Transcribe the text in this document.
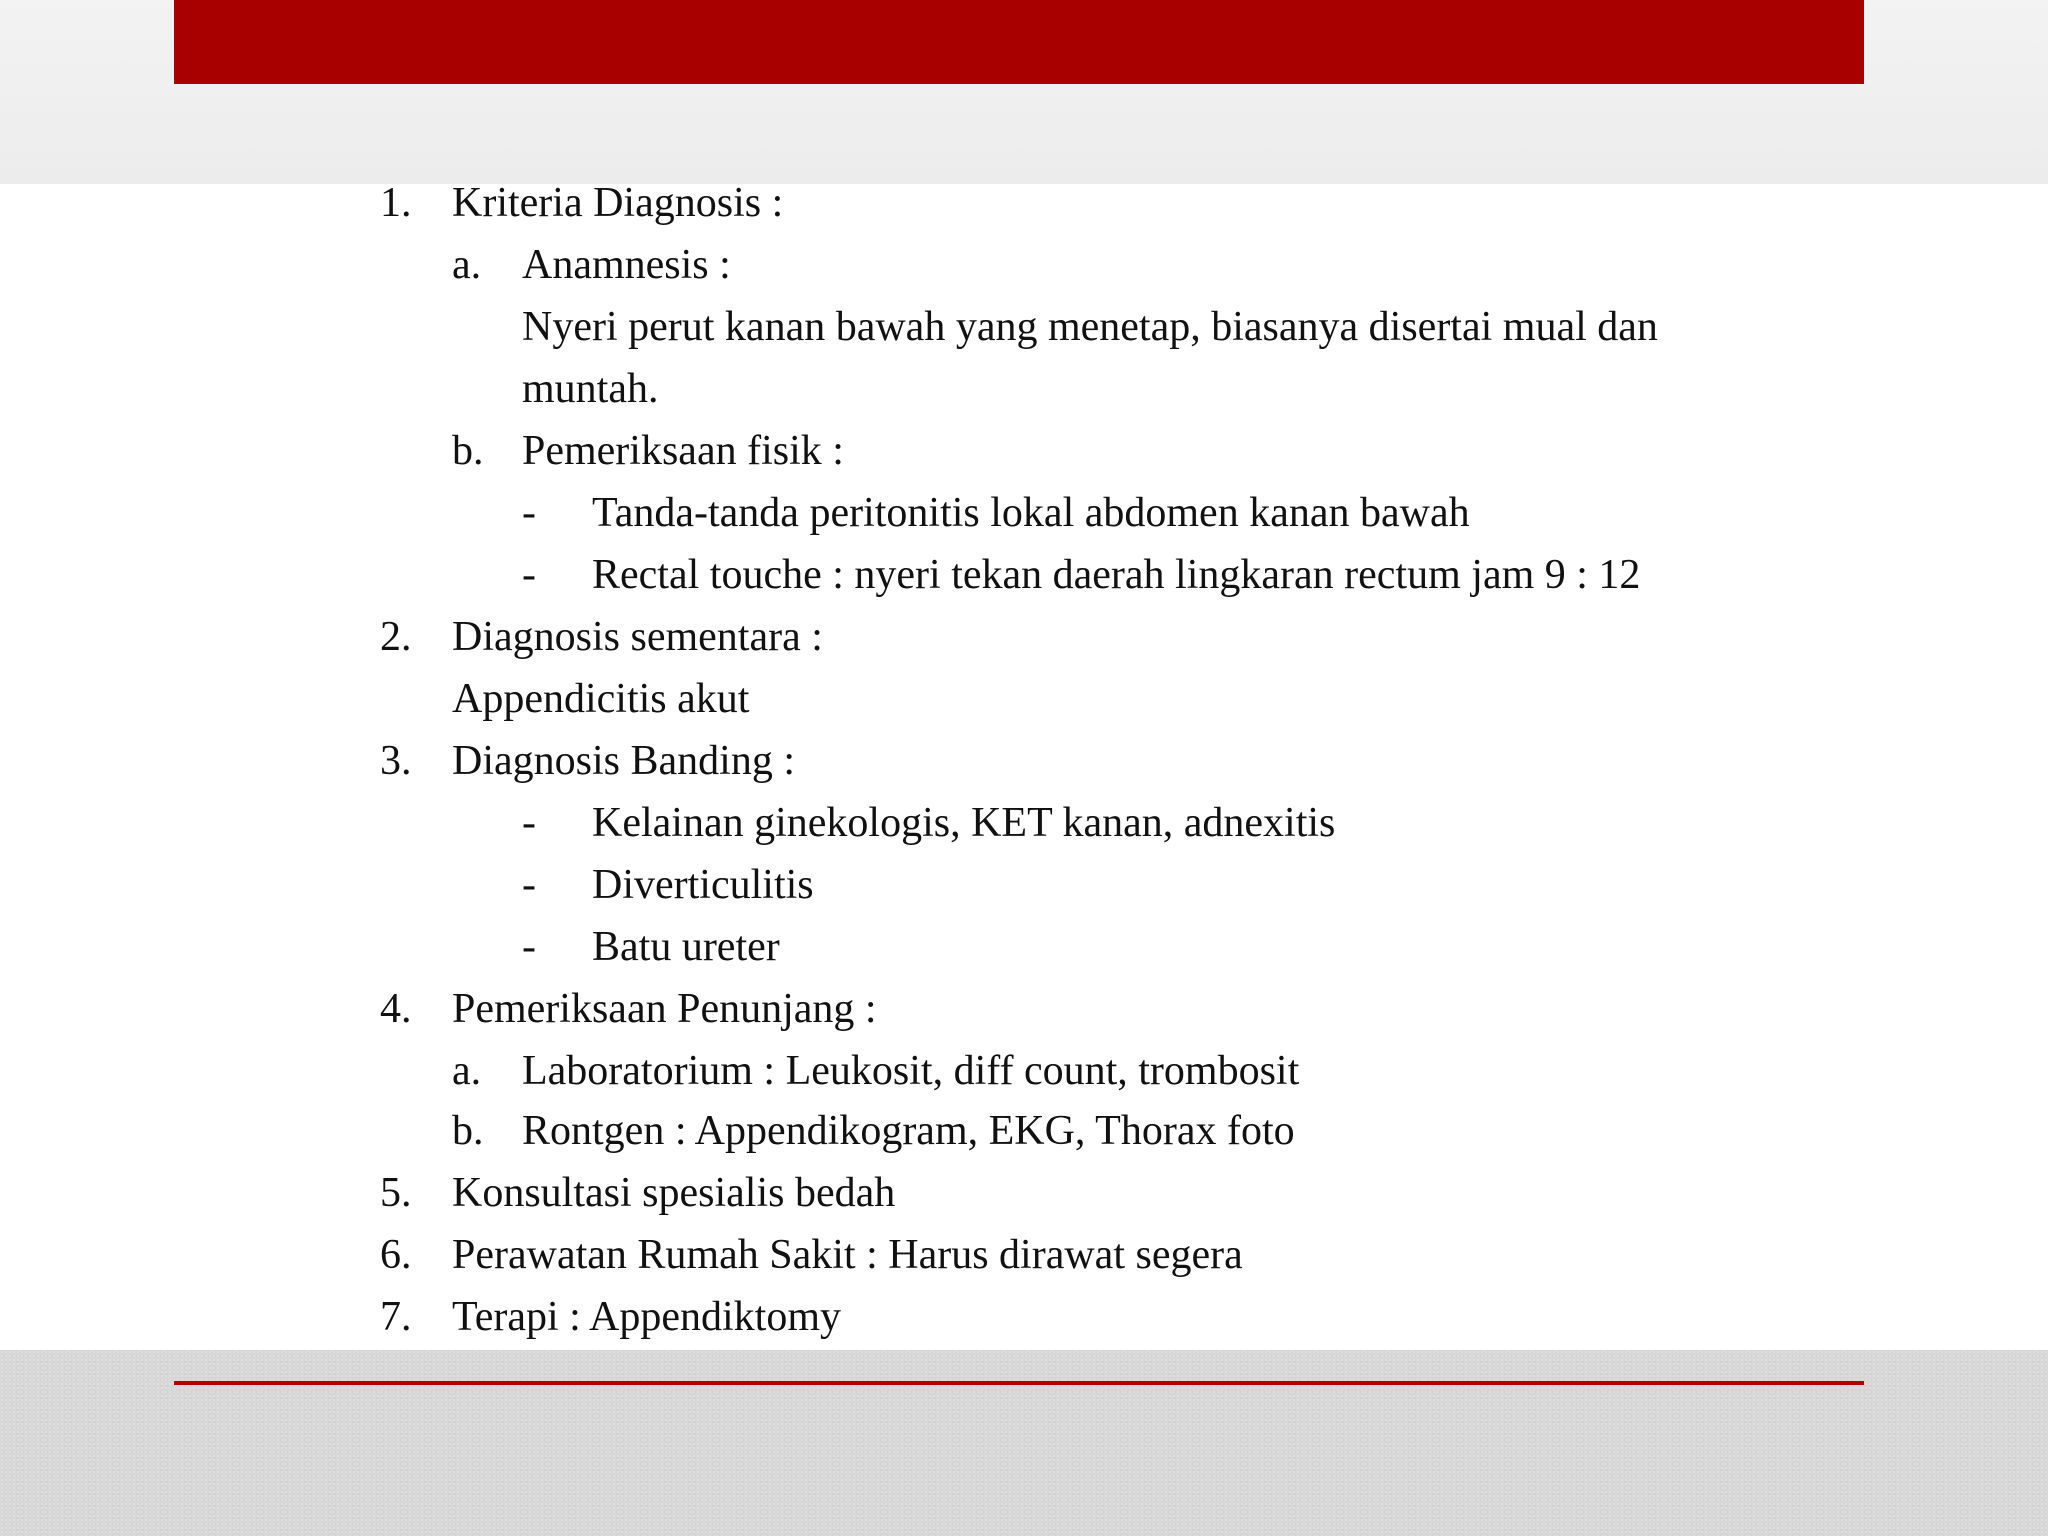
1. Kriteria Diagnosis :
a. Anamnesis :
Nyeri perut kanan bawah yang menetap, biasanya disertai mual dan
muntah.
b. Pemeriksaan fisik :
- Tanda-tanda peritonitis lokal abdomen kanan bawah
- Rectal touche : nyeri tekan daerah lingkaran rectum jam 9 : 12
2. Diagnosis sementara :
Appendicitis akut
3. Diagnosis Banding :
- Kelainan ginekologis, KET kanan, adnexitis
- Diverticulitis
- Batu ureter
4. Pemeriksaan Penunjang :
a. Laboratorium : Leukosit, diff count, trombosit
b. Rontgen : Appendikogram, EKG, Thorax foto
5. Konsultasi spesialis bedah
6. Perawatan Rumah Sakit : Harus dirawat segera
7. Terapi : Appendiktomy
